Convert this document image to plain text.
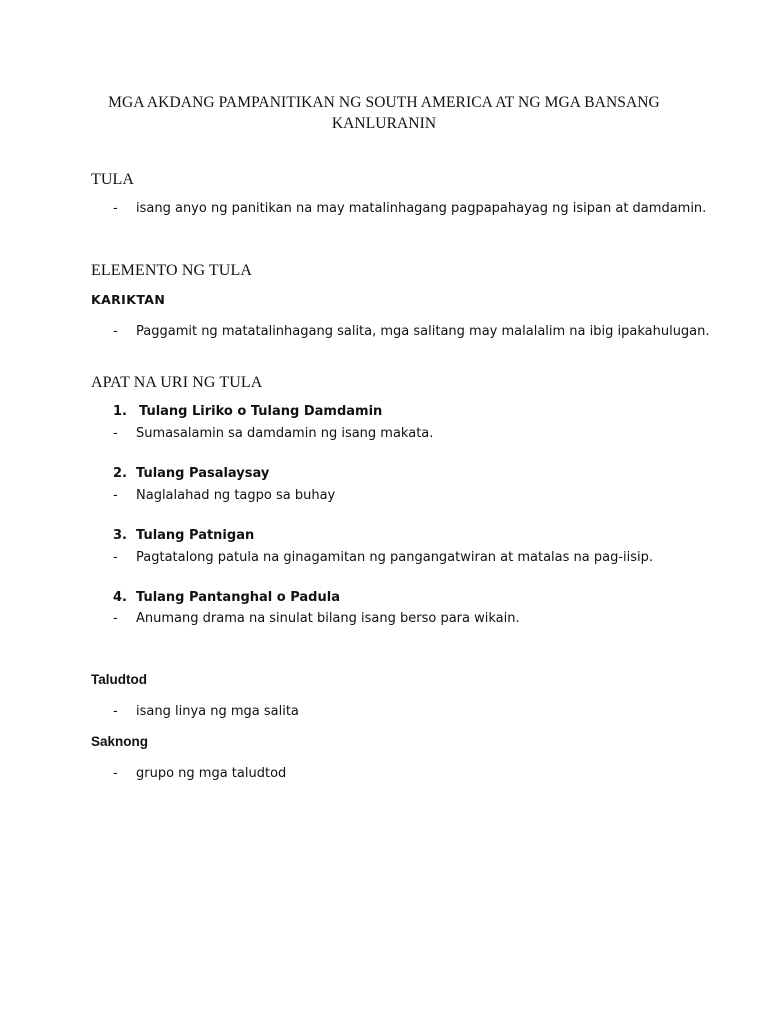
MGA AKDANG PAMPANITIKAN NG SOUTH AMERICA AT NG MGA BANSANG
KANLURANIN
TULA
- isang anyo ng panitikan na may matalinhagang pagpapahayag ng isipan at damdamin.
ELEMENTO NG TULA
KARIKTAN
- Paggamit ng matatalinhagang salita, mga salitang may malalalim na ibig ipakahulugan.
APAT NA URI NG TULA
1. Tulang Liriko o Tulang Damdamin
- Sumasalamin sa damdamin ng isang makata.
2. Tulang Pasalaysay
- Naglalahad ng tagpo sa buhay
3. Tulang Patnigan
- Pagtatalong patula na ginagamitan ng pangangatwiran at matalas na pag-iisip.
4. Tulang Pantanghal o Padula
- Anumang drama na sinulat bilang isang berso para wikain.
Taludtod
- isang linya ng mga salita
Saknong
- grupo ng mga taludtod
